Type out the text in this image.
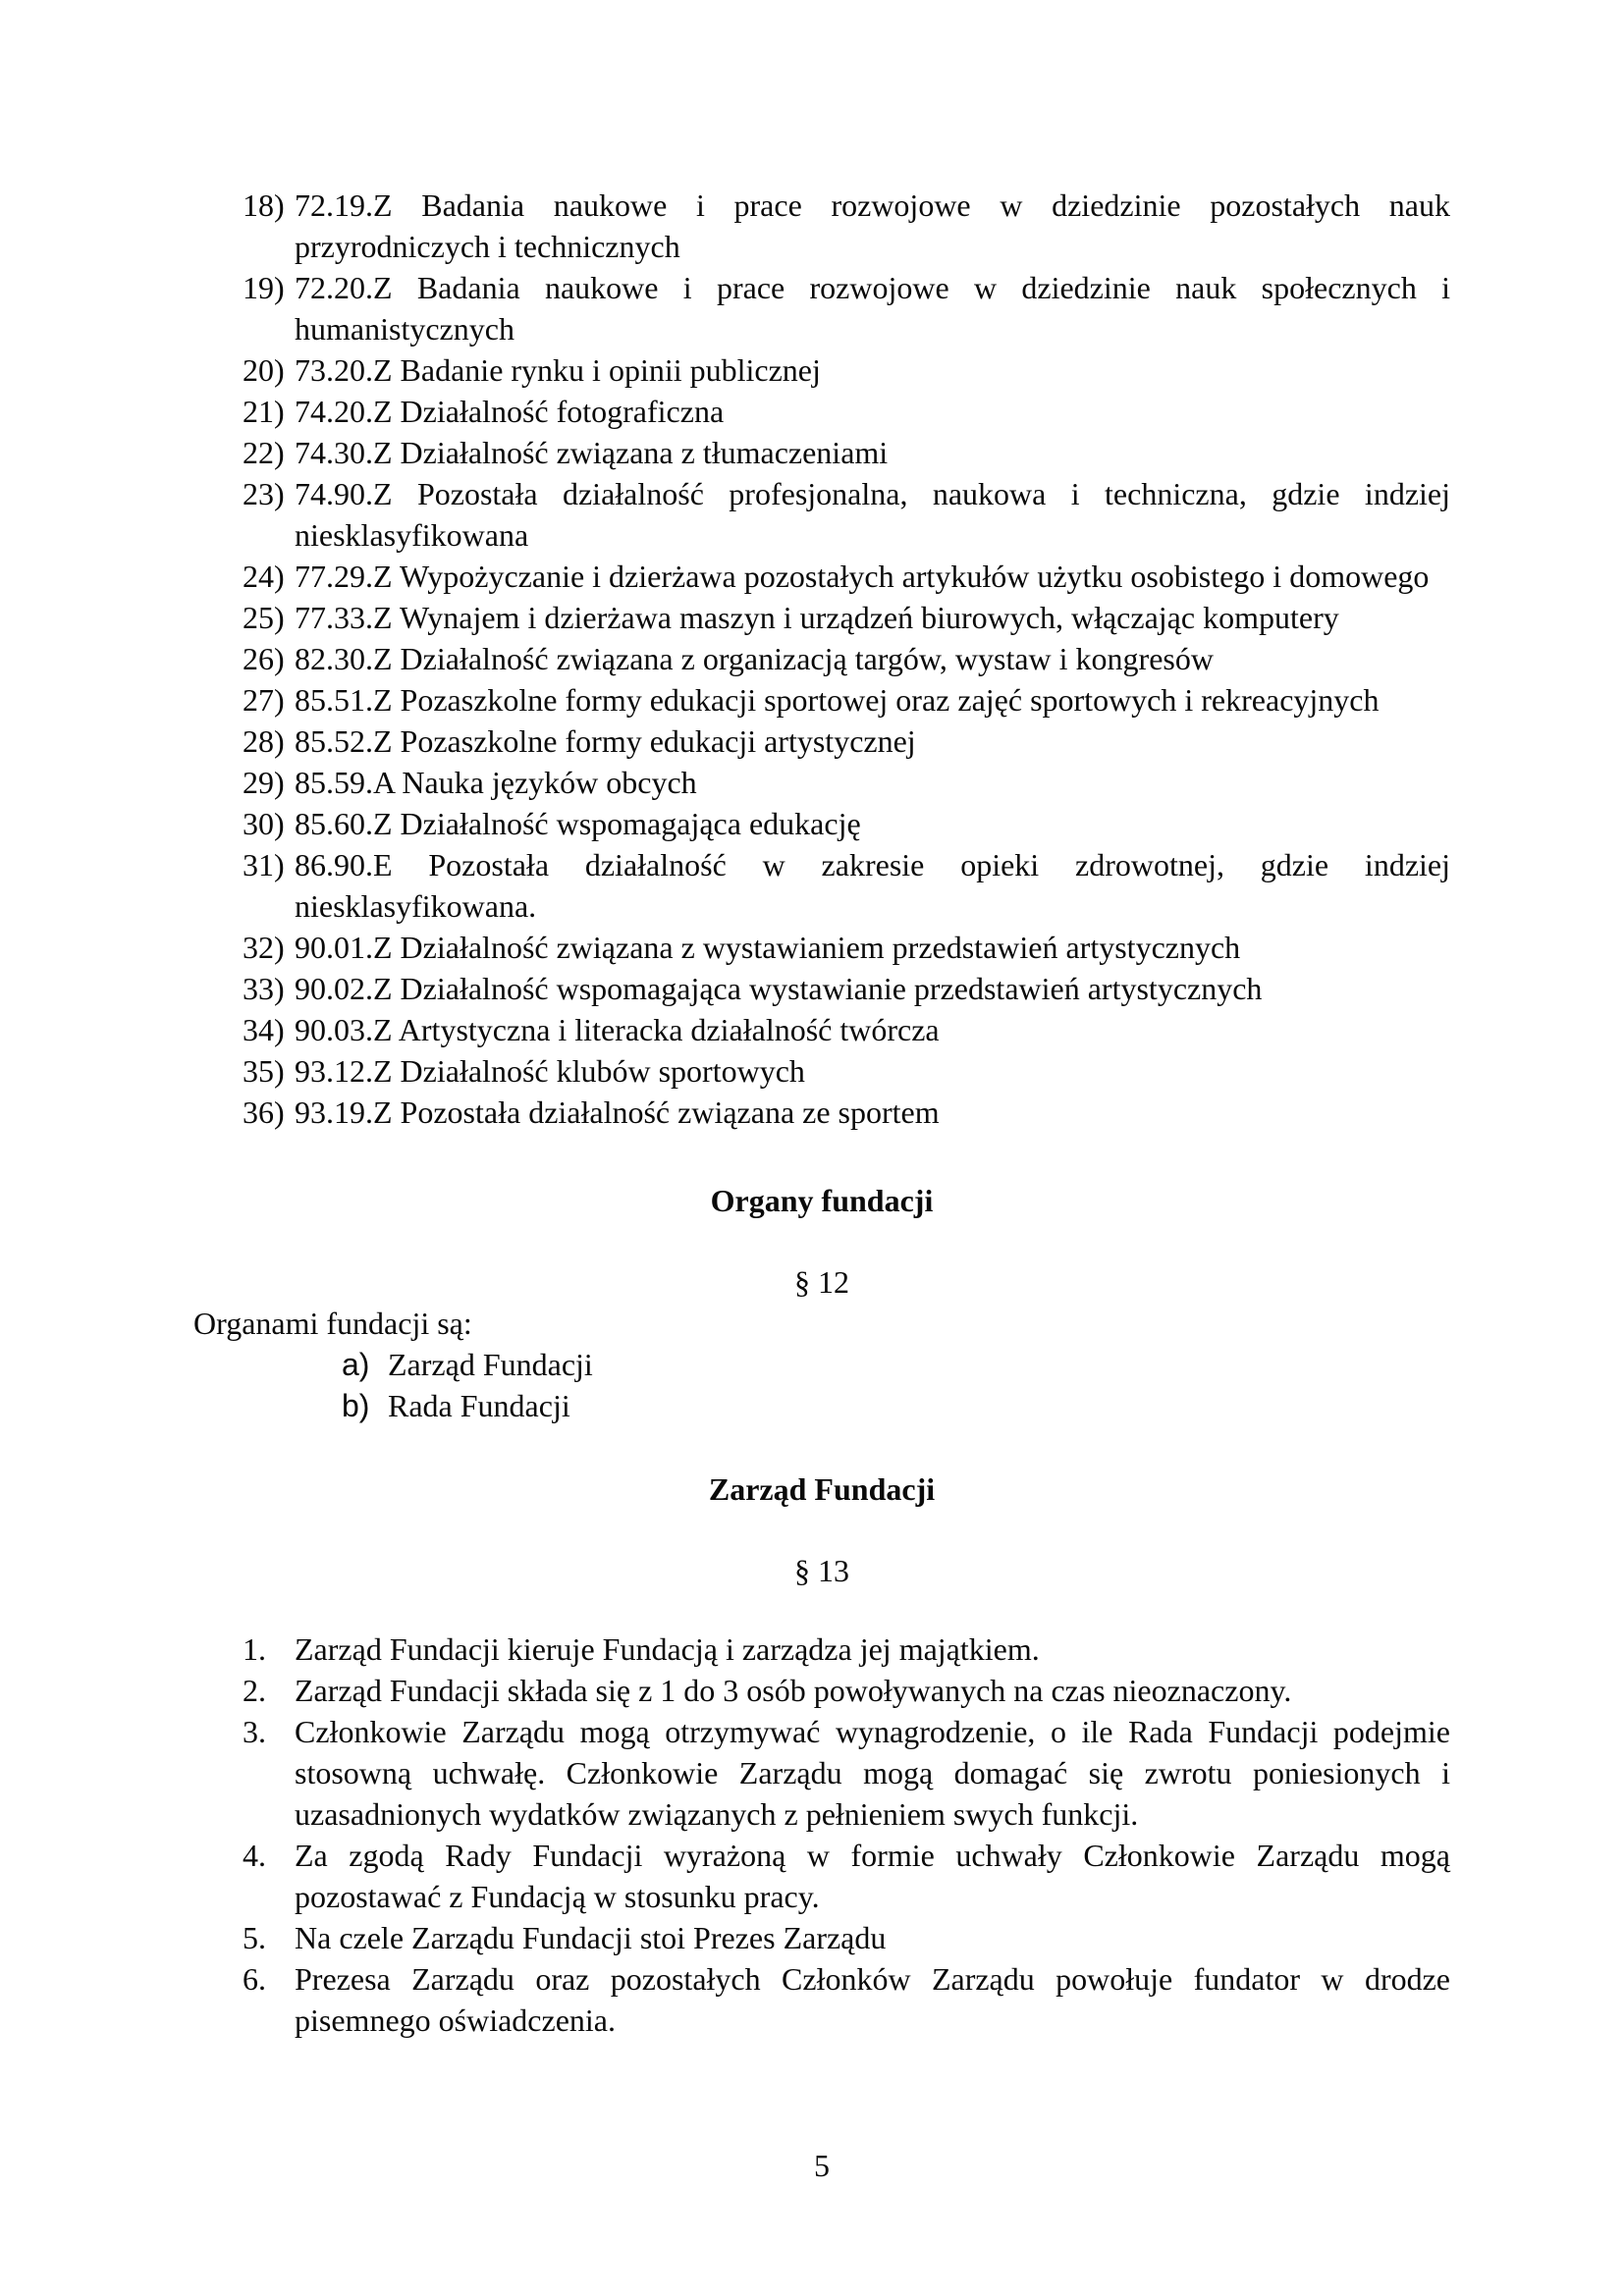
18) 72.19.Z Badania naukowe i prace rozwojowe w dziedzinie pozostałych nauk przyrodniczych i technicznych
19) 72.20.Z Badania naukowe i prace rozwojowe w dziedzinie nauk społecznych i humanistycznych
20) 73.20.Z Badanie rynku i opinii publicznej
21) 74.20.Z Działalność fotograficzna
22) 74.30.Z Działalność związana z tłumaczeniami
23) 74.90.Z Pozostała działalność profesjonalna, naukowa i techniczna, gdzie indziej niesklasyfikowana
24) 77.29.Z Wypożyczanie i dzierżawa pozostałych artykułów użytku osobistego i domowego
25) 77.33.Z Wynajem i dzierżawa maszyn i urządzeń biurowych, włączając komputery
26) 82.30.Z Działalność związana z organizacją targów, wystaw i kongresów
27) 85.51.Z Pozaszkolne formy edukacji sportowej oraz zajęć sportowych i rekreacyjnych
28) 85.52.Z Pozaszkolne formy edukacji artystycznej
29) 85.59.A Nauka języków obcych
30) 85.60.Z Działalność wspomagająca edukację
31) 86.90.E Pozostała działalność w zakresie opieki zdrowotnej, gdzie indziej niesklasyfikowana.
32) 90.01.Z Działalność związana z wystawianiem przedstawień artystycznych
33) 90.02.Z Działalność wspomagająca wystawianie przedstawień artystycznych
34) 90.03.Z Artystyczna i literacka działalność twórcza
35) 93.12.Z Działalność klubów sportowych
36) 93.19.Z Pozostała działalność związana ze sportem
Organy fundacji
§ 12

Organami fundacji są:

a) Zarząd Fundacji
b) Rada Fundacji
Zarząd Fundacji
§ 13
1. Zarząd Fundacji kieruje Fundacją i zarządza jej majątkiem.
2. Zarząd Fundacji składa się z 1 do 3 osób powoływanych na czas nieoznaczony.
3. Członkowie Zarządu mogą otrzymywać wynagrodzenie, o ile Rada Fundacji podejmie stosowną uchwałę. Członkowie Zarządu mogą domagać się zwrotu poniesionych i uzasadnionych wydatków związanych z pełnieniem swych funkcji.
4. Za zgodą Rady Fundacji wyrażoną w formie uchwały Członkowie Zarządu mogą pozostawać z Fundacją w stosunku pracy.
5. Na czele Zarządu Fundacji stoi Prezes Zarządu
6. Prezesa Zarządu oraz pozostałych Członków Zarządu powołuje fundator w drodze pisemnego oświadczenia.
5
